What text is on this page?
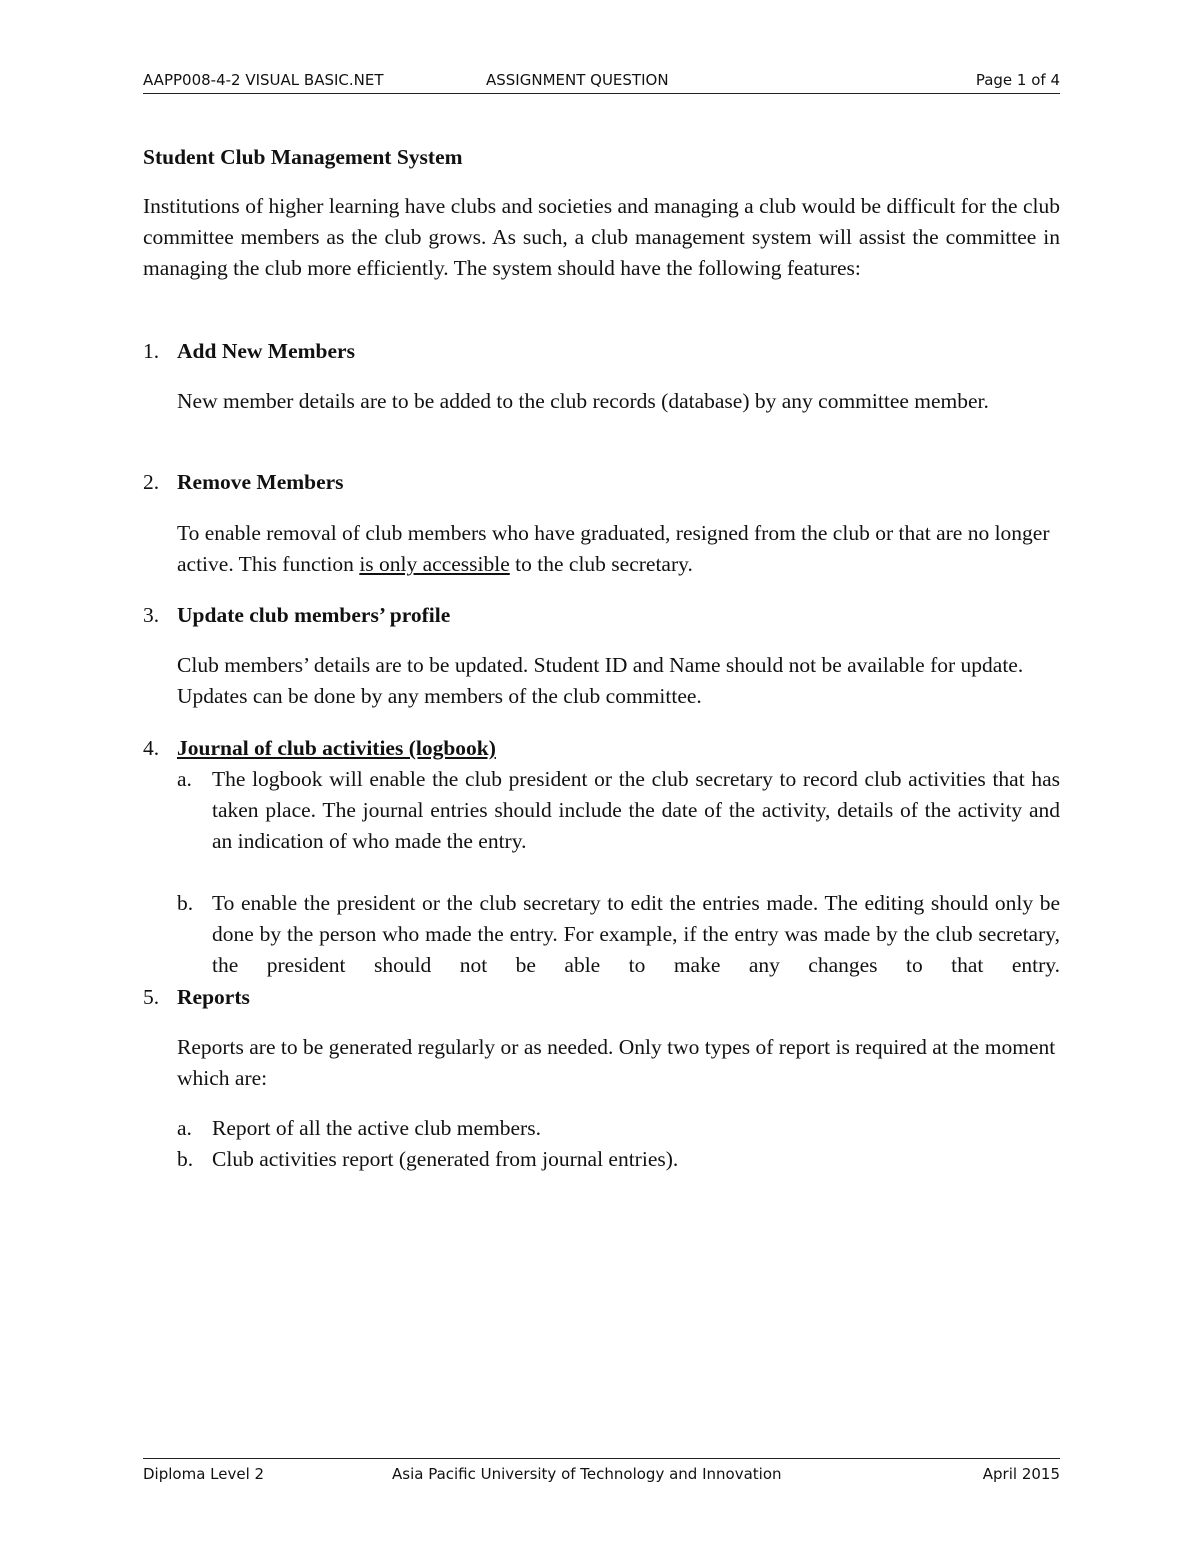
AAPP008-4-2 VISUAL BASIC.NET	ASSIGNMENT QUESTION	Page 1 of 4
Student Club Management System
Institutions of higher learning have clubs and societies and managing a club would be difficult for the club committee members as the club grows. As such, a club management system will assist the committee in managing the club more efficiently. The system should have the following features:
1. Add New Members
New member details are to be added to the club records (database) by any committee member.
2. Remove Members
To enable removal of club members who have graduated, resigned from the club or that are no longer active. This function is only accessible to the club secretary.
3. Update club members’ profile
Club members’ details are to be updated. Student ID and Name should not be available for update. Updates can be done by any members of the club committee.
4. Journal of club activities (logbook)
a. The logbook will enable the club president or the club secretary to record club activities that has taken place. The journal entries should include the date of the activity, details of the activity and an indication of who made the entry.
b. To enable the president or the club secretary to edit the entries made. The editing should only be done by the person who made the entry. For example, if the entry was made by the club secretary, the president should not be able to make any changes to that entry.
5. Reports
Reports are to be generated regularly or as needed. Only two types of report is required at the moment which are:
a. Report of all the active club members.
b. Club activities report (generated from journal entries).
Diploma Level 2	Asia Pacific University of Technology and Innovation	April 2015
